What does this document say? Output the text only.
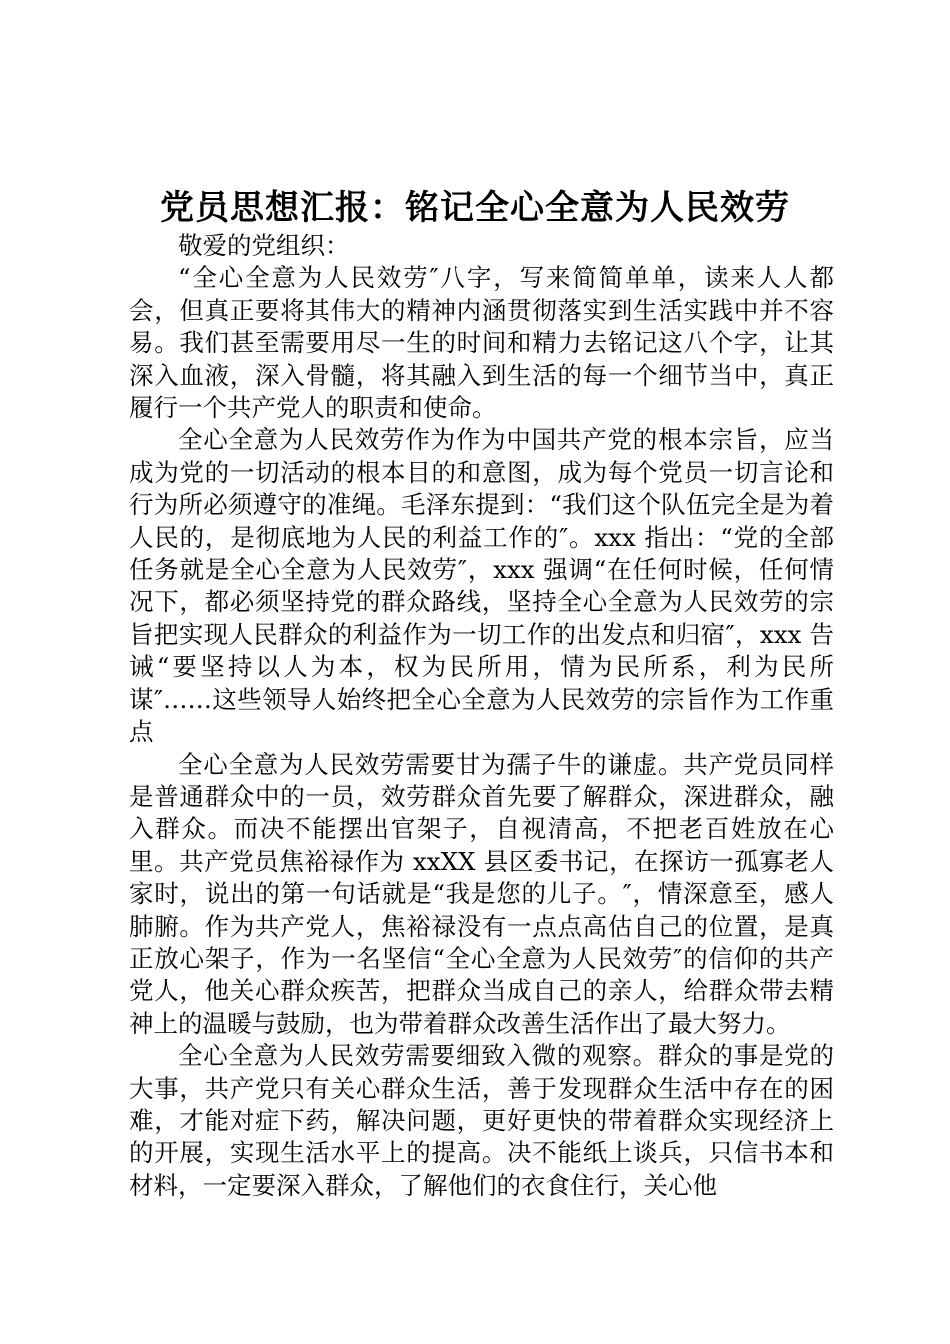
党员思想汇报：铭记全心全意为人民效劳

敬爱的党组织：

“全心全意为人民效劳″八字，写来简简单单，读来人人都会，但真正要将其伟大的精神内涵贯彻落实到生活实践中并不容易。我们甚至需要用尽一生的时间和精力去铭记这八个字，让其深入血液，深入骨髓，将其融入到生活的每一个细节当中，真正履行一个共产党人的职责和使命。

全心全意为人民效劳作为作为中国共产党的根本宗旨，应当成为党的一切活动的根本目的和意图，成为每个党员一切言论和行为所必须遵守的准绳。毛泽东提到：“我们这个队伍完全是为着人民的，是彻底地为人民的利益工作的″。xxx 指出：“党的全部任务就是全心全意为人民效劳″，xxx 强调“在任何时候，任何情况下，都必须坚持党的群众路线，坚持全心全意为人民效劳的宗旨把实现人民群众的利益作为一切工作的出发点和归宿″，xxx 告诫“要坚持以人为本，权为民所用，情为民所系，利为民所谋″……这些领导人始终把全心全意为人民效劳的宗旨作为工作重点

全心全意为人民效劳需要甘为孺子牛的谦虚。共产党员同样是普通群众中的一员，效劳群众首先要了解群众，深进群众，融入群众。而决不能摆出官架子，自视清高，不把老百姓放在心里。共产党员焦裕禄作为 xxXX 县区委书记，在探访一孤寡老人家时，说出的第一句话就是“我是您的儿子。″，情深意至，感人肺腑。作为共产党人，焦裕禄没有一点点高估自己的位置，是真正放心架子，作为一名坚信“全心全意为人民效劳″的信仰的共产党人，他关心群众疾苦，把群众当成自己的亲人，给群众带去精神上的温暖与鼓励，也为带着群众改善生活作出了最大努力。

全心全意为人民效劳需要细致入微的观察。群众的事是党的大事，共产党只有关心群众生活，善于发现群众生活中存在的困难，才能对症下药，解决问题，更好更快的带着群众实现经济上的开展，实现生活水平上的提高。决不能纸上谈兵，只信书本和材料，一定要深入群众，了解他们的衣食住行，关心他
